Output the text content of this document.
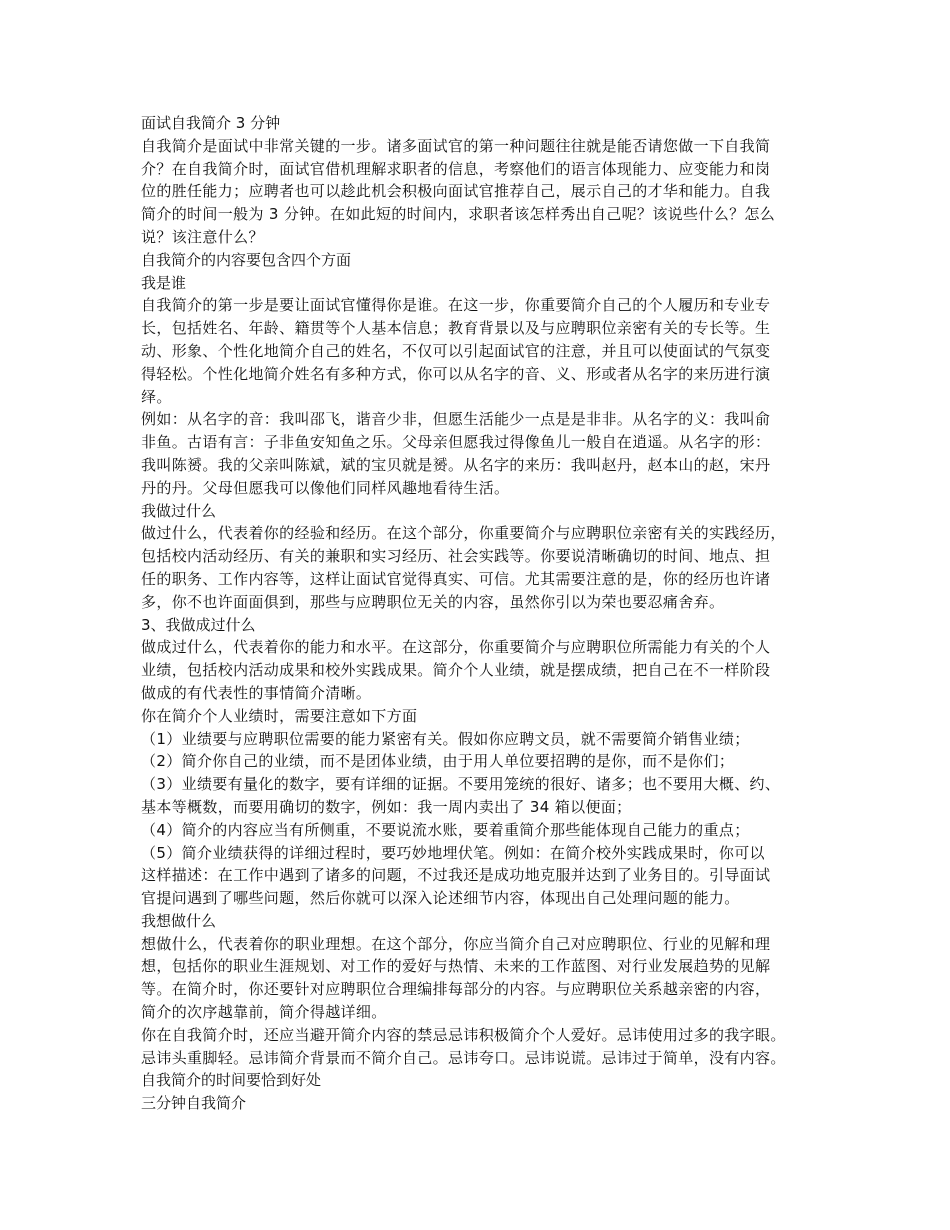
面试自我简介 3 分钟

自我简介是面试中非常关键的一步。诸多面试官的第一种问题往往就是能否请您做一下自我简

介？在自我简介时，面试官借机理解求职者的信息，考察他们的语言体现能力、应变能力和岗

位的胜任能力；应聘者也可以趁此机会积极向面试官推荐自己，展示自己的才华和能力。自我

简介的时间一般为 3 分钟。在如此短的时间内，求职者该怎样秀出自己呢？该说些什么？怎么

说？该注意什么？

自我简介的内容要包含四个方面

我是谁

自我简介的第一步是要让面试官懂得你是谁。在这一步，你重要简介自己的个人履历和专业专

长，包括姓名、年龄、籍贯等个人基本信息；教育背景以及与应聘职位亲密有关的专长等。生

动、形象、个性化地简介自己的姓名，不仅可以引起面试官的注意，并且可以使面试的气氛变

得轻松。个性化地简介姓名有多种方式，你可以从名字的音、义、形或者从名字的来历进行演

绎。

例如：从名字的音：我叫邵飞，谐音少非，但愿生活能少一点是是非非。从名字的义：我叫俞

非鱼。古语有言：子非鱼安知鱼之乐。父母亲但愿我过得像鱼儿一般自在逍遥。从名字的形：

我叫陈赟。我的父亲叫陈斌，斌的宝贝就是赟。从名字的来历：我叫赵丹，赵本山的赵，宋丹

丹的丹。父母但愿我可以像他们同样风趣地看待生活。

我做过什么

做过什么，代表着你的经验和经历。在这个部分，你重要简介与应聘职位亲密有关的实践经历，

包括校内活动经历、有关的兼职和实习经历、社会实践等。你要说清晰确切的时间、地点、担

任的职务、工作内容等，这样让面试官觉得真实、可信。尤其需要注意的是，你的经历也许诸

多，你不也许面面俱到，那些与应聘职位无关的内容，虽然你引以为荣也要忍痛舍弃。

3、我做成过什么

做成过什么，代表着你的能力和水平。在这部分，你重要简介与应聘职位所需能力有关的个人

业绩，包括校内活动成果和校外实践成果。简介个人业绩，就是摆成绩，把自己在不一样阶段

做成的有代表性的事情简介清晰。

你在简介个人业绩时，需要注意如下方面

（1）业绩要与应聘职位需要的能力紧密有关。假如你应聘文员，就不需要简介销售业绩；

（2）简介你自己的业绩，而不是团体业绩，由于用人单位要招聘的是你，而不是你们；

（3）业绩要有量化的数字，要有详细的证据。不要用笼统的很好、诸多；也不要用大概、约、

基本等概数，而要用确切的数字，例如：我一周内卖出了 34 箱以便面；

（4）简介的内容应当有所侧重，不要说流水账，要着重简介那些能体现自己能力的重点；

（5）简介业绩获得的详细过程时，要巧妙地埋伏笔。例如：在简介校外实践成果时，你可以

这样描述：在工作中遇到了诸多的问题，不过我还是成功地克服并达到了业务目的。引导面试

官提问遇到了哪些问题，然后你就可以深入论述细节内容，体现出自己处理问题的能力。

我想做什么

想做什么，代表着你的职业理想。在这个部分，你应当简介自己对应聘职位、行业的见解和理

想，包括你的职业生涯规划、对工作的爱好与热情、未来的工作蓝图、对行业发展趋势的见解

等。在简介时，你还要针对应聘职位合理编排每部分的内容。与应聘职位关系越亲密的内容，

简介的次序越靠前，简介得越详细。

你在自我简介时，还应当避开简介内容的禁忌忌讳积极简介个人爱好。忌讳使用过多的我字眼。

忌讳头重脚轻。忌讳简介背景而不简介自己。忌讳夸口。忌讳说谎。忌讳过于简单，没有内容。

自我简介的时间要恰到好处

三分钟自我简介
